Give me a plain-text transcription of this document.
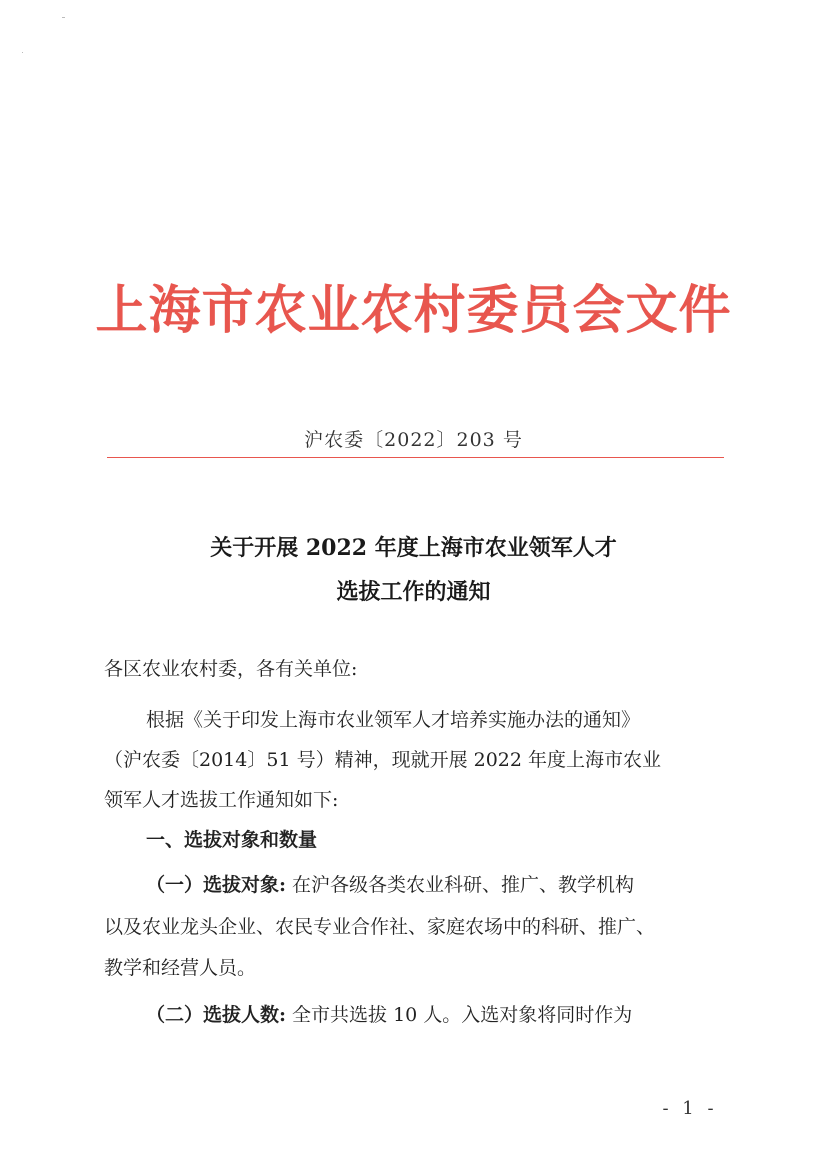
上海市农业农村委员会文件
沪农委〔2022〕203 号
关于开展 2022 年度上海市农业领军人才
选拔工作的通知
各区农业农村委，各有关单位:
根据《关于印发上海市农业领军人才培养实施办法的通知》
（沪农委〔2014〕51 号）精神，现就开展 2022 年度上海市农业
领军人才选拔工作通知如下:
一、选拔对象和数量
（一）选拔对象: 在沪各级各类农业科研、推广、教学机构
以及农业龙头企业、农民专业合作社、家庭农场中的科研、推广、
教学和经营人员。
（二）选拔人数: 全市共选拔 10 人。入选对象将同时作为
- 1 -
